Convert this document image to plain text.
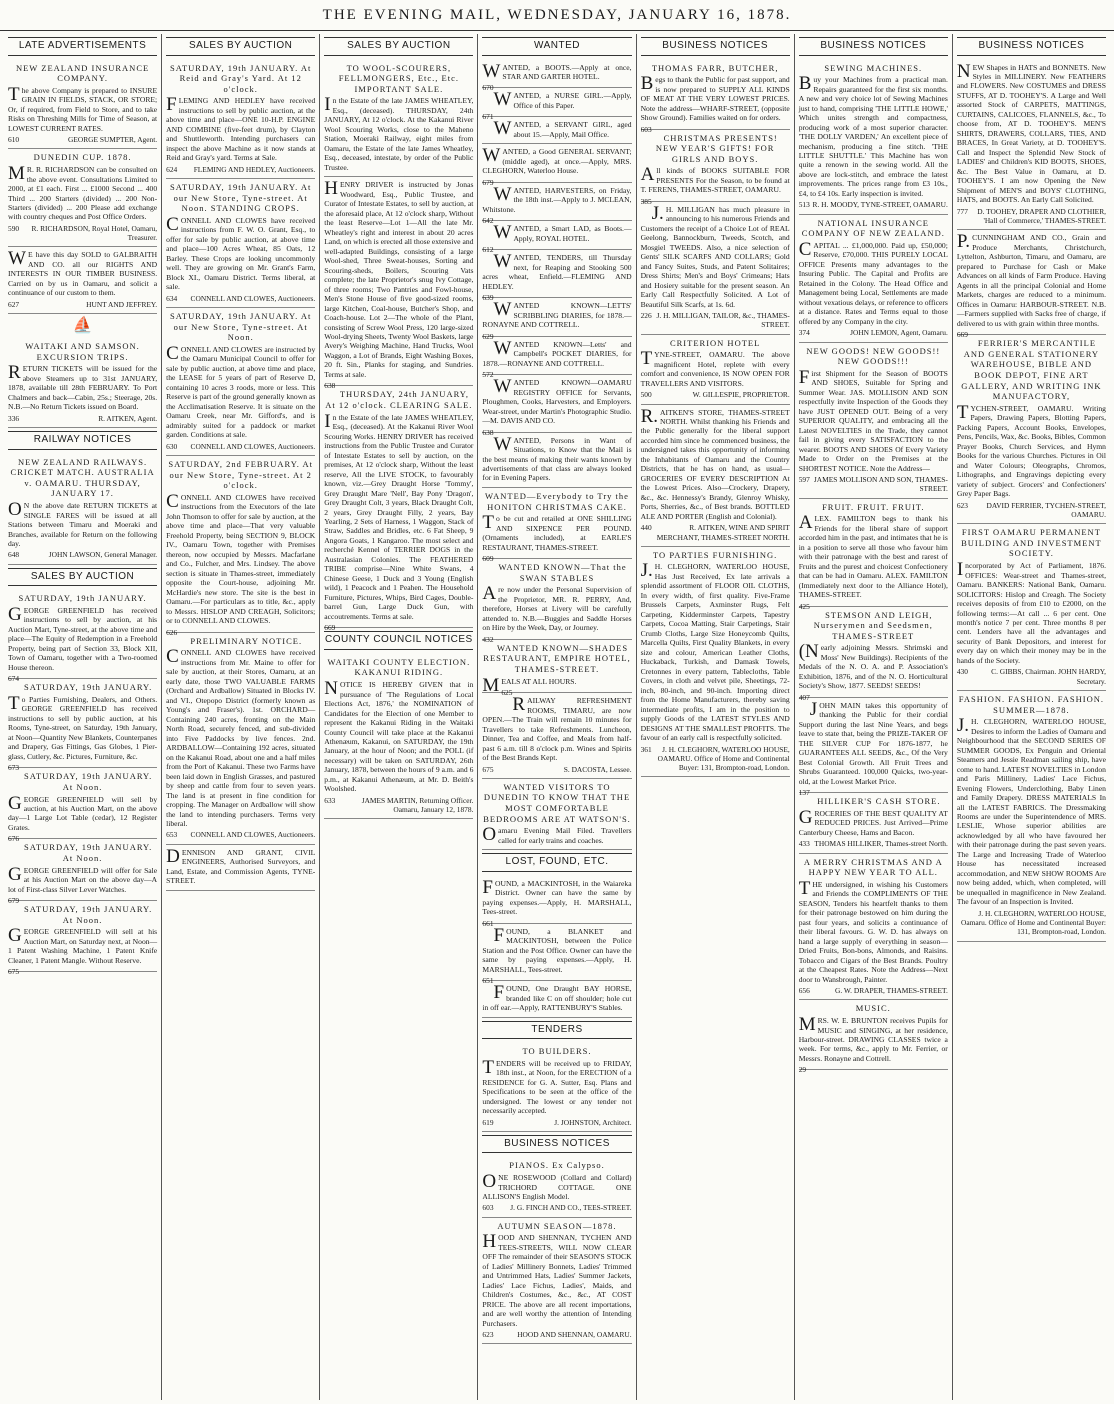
THE EVENING MAIL, WEDNESDAY, JANUARY 16, 1878.
LATE ADVERTISEMENTS
NEW ZEALAND INSURANCE COMPANY.
The above Company is prepared to INSURE GRAIN IN FIELDS, STACK, OR STORE; Or, if required, from Field to Store, and to take Risks on Threshing Mills for Time of Season, at LOWEST CURRENT RATES.
610	GEORGE SUMPTER, Agent.
DUNEDIN CUP. 1878.
MR. R. RICHARDSON can be consulted on the above event. Consultations Limited to 2000, at £1 each. First ... £1000 Second ... 400 Third ... 200 Starters (divided) ... 200 Non-Starters (divided) ... 200 Please add exchange with country cheques and Post Office Orders.
590 R. RICHARDSON, Royal Hotel, Oamaru, Treasurer.
WE have this day SOLD to GALBRAITH AND CO. all our RIGHTS AND INTERESTS IN OUR TIMBER BUSINESS. Carried on by us in Oamaru, and solicit a continuance of our custom to them.
627	HUNT AND JEFFREY.
⛵
WAITAKI AND SAMSON. EXCURSION TRIPS.
RETURN TICKETS will be issued for the above Steamers up to 31st JANUARY, 1878, available till 28th FEBRUARY. To Port Chalmers and back—Cabin, 25s.; Steerage, 20s. N.B.—No Return Tickets issued on Board.
336	R. AITKEN, Agent.
RAILWAY NOTICES
NEW ZEALAND RAILWAYS. CRICKET MATCH. AUSTRALIA v. OAMARU. THURSDAY, JANUARY 17.
ON the above date RETURN TICKETS at SINGLE FARES will be issued at all Stations between Timaru and Moeraki and Branches, available for Return on the following day.
648	JOHN LAWSON, General Manager.
SALES BY AUCTION
SATURDAY, 19th JANUARY.
GEORGE GREENFIELD has received instructions to sell by auction, at his Auction Mart, Tyne-street, at the above time and place—The Equity of Redemption in a Freehold Property, being part of Section 33, Block XII, Town of Oamaru, together with a Two-roomed House thereon.
674
SATURDAY, 19th JANUARY.
To Parties Furnishing, Dealers, and Others. GEORGE GREENFIELD has received instructions to sell by public auction, at his Rooms, Tyne-street, on Saturday, 19th January, at Noon—Quantity New Blankets, Counterpanes and Drapery, Gas Fittings, Gas Globes, 1 Pier-glass, Cutlery, &c. Pictures, Furniture, &c.
673
SATURDAY, 19th JANUARY. At Noon.
GEORGE GREENFIELD will sell by auction, at his Auction Mart, on the above day—1 Large Lot Table (cedar), 12 Register Grates.
676
SATURDAY, 19th JANUARY. At Noon.
GEORGE GREENFIELD will offer for Sale at his Auction Mart on the above day—A lot of First-class Silver Lever Watches.
679
SATURDAY, 19th JANUARY. At Noon.
GEORGE GREENFIELD will sell at his Auction Mart, on Saturday next, at Noon—1 Patent Washing Machine, 1 Patent Knife Cleaner, 1 Patent Mangle. Without Reserve.
675
SALES BY AUCTION
SATURDAY, 19th JANUARY. At Reid and Gray's Yard. At 12 o'clock.
FLEMING AND HEDLEY have received instructions to sell by public auction, at the above time and place—ONE 10-H.P. ENGINE AND COMBINE (five-feet drum), by Clayton and Shuttleworth. Intending purchasers can inspect the above Machine as it now stands at Reid and Gray's yard. Terms at Sale.
624 FLEMING AND HEDLEY, Auctioneers.
SATURDAY, 19th JANUARY. At our New Store, Tyne-street. At Noon. STANDING CROPS.
CONNELL AND CLOWES have received instructions from F. W. O. Grant, Esq., to offer for sale by public auction, at above time and place—100 Acres Wheat, 85 Oats, 12 Barley. These Crops are looking uncommonly well. They are growing on Mr. Grant's Farm, Block XI., Oamaru District. Terms liberal, at sale.
634 CONNELL AND CLOWES, Auctioneers.
SATURDAY, 19th JANUARY. At our New Store, Tyne-street. At Noon.
CONNELL AND CLOWES are instructed by the Oamaru Municipal Council to offer for sale by public auction, at above time and place, the LEASE for 5 years of part of Reserve D, containing 10 acres 3 roods, more or less. This Reserve is part of the ground generally known as the Acclimatisation Reserve. It is situate on the Oamaru Creek, near Mr. Gifford's, and is admirably suited for a paddock or market garden. Conditions at sale.
630 CONNELL AND CLOWES, Auctioneers.
SATURDAY, 2nd FEBRUARY. At our New Store, Tyne-street. At 2 o'clock.
CONNELL AND CLOWES have received instructions from the Executors of the late John Thomson to offer for sale by auction, at the above time and place—That very valuable Freehold Property, being SECTION 9, BLOCK IV., Oamaru Town, together with Premises thereon, now occupied by Messrs. Macfarlane and Co., Fulcher, and Mrs. Lindsey. The above section is situate in Thames-street, immediately opposite the Court-house, adjoining Mr. McHardie's new store. The site is the best in Oamaru.—For particulars as to title, &c., apply to Messrs. HISLOP AND CREAGH, Solicitors; or to CONNELL AND CLOWES.
626
PRELIMINARY NOTICE.
CONNELL AND CLOWES have received instructions from Mr. Maine to offer for sale by auction, at their Stores, Oamaru, at an early date, those TWO VALUABLE FARMS (Orchard and Ardballow) Situated in Blocks IV. and VI., Otepopo District (formerly known as Young's and Fraser's). 1st. ORCHARD—Containing 240 acres, fronting on the Main North Road, securely fenced, and sub-divided into Five Paddocks by live fences. 2nd. ARDBALLOW—Containing 192 acres, situated on the Kakanui Road, about one and a half miles from the Port of Kakanui. These two Farms have been laid down in English Grasses, and pastured by sheep and cattle from four to seven years. The land is at present in fine condition for cropping. The Manager on Ardballow will show the land to intending purchasers. Terms very liberal.
653 CONNELL AND CLOWES, Auctioneers.
DENNISON AND GRANT, CIVIL ENGINEERS, Authorised Surveyors, and Land, Estate, and Commission Agents, TYNE-STREET.
SALES BY AUCTION
TO WOOL-SCOURERS, FELLMONGERS, Etc., Etc. IMPORTANT SALE.
In the Estate of the late JAMES WHEATLEY, Esq., (deceased). THURSDAY, 24th JANUARY, At 12 o'clock. At the Kakanui River Wool Scouring Works, close to the Maheno Station, Moeraki Railway, eight miles from Oamaru, the Estate of the late James Wheatley, Esq., deceased, intestate, by order of the Public Trustee.
HENRY DRIVER is instructed by Jonas Woodward, Esq., Public Trustee, and Curator of Intestate Estates, to sell by auction, at the aforesaid place, At 12 o'clock sharp, Without the least Reserve—Lot 1—All the late Mr. Wheatley's right and interest in about 20 acres Land, on which is erected all those extensive and well-adapted Buildings, consisting of a large Wool-shed, Three Sweat-houses, Sorting and Scouring-sheds, Boilers, Scouring Vats complete; the late Proprietor's snug Ivy Cottage, of three rooms; Two Pantries and Fowl-house, Men's Stone House of five good-sized rooms, large Kitchen, Coal-house, Butcher's Shop, and Coach-house. Lot 2—The whole of the Plant, consisting of Screw Wool Press, 120 large-sized Wool-drying Sheets, Twenty Wool Baskets, large Avery's Weighing Machine, Hand Trucks, Wool Waggon, a Lot of Brands, Eight Washing Boxes, 20 ft. Sin., Planks for staging, and Sundries. Terms at sale.
638
THURSDAY, 24th JANUARY, At 12 o'clock. CLEARING SALE.
In the Estate of the late JAMES WHEATLEY, Esq., (deceased). At the Kakanui River Wool Scouring Works. HENRY DRIVER has received instructions from the Public Trustee and Curator of Intestate Estates to sell by auction, on the premises, At 12 o'clock sharp, Without the least reserve, All the LIVE STOCK, to favourably known, viz.—Grey Draught Horse 'Tommy', Grey Draught Mare 'Nell', Bay Pony 'Dragon', Grey Draught Colt, 3 years, Black Draught Colt, 2 years, Grey Draught Filly, 2 years, Bay Yearling, 2 Sets of Harness, 1 Waggon, Stack of Straw, Saddles and Bridles, etc. 6 Fat Sheep, 9 Angora Goats, 1 Kangaroo. The most select and recherché Kennel of TERRIER DOGS in the Australasian Colonies. The FEATHERED TRIBE comprise—Nine White Swans, 4 Chinese Geese, 1 Duck and 3 Young (English wild), 1 Peacock and 1 Peahen. The Household Furniture, Pictures, Whips, Bird Cages, Double-barrel Gun, Large Duck Gun, with accoutrements. Terms at sale.
669
COUNTY COUNCIL NOTICES
WAITAKI COUNTY ELECTION. KAKANUI RIDING.
NOTICE IS HEREBY GIVEN that in pursuance of 'The Regulations of Local Elections Act, 1876,' the NOMINATION of Candidates for the Election of one Member to represent the Kakanui Riding in the Waitaki County Council will take place at the Kakanui Athenæum, Kakanui, on SATURDAY, the 19th January, at the hour of Noon; and the POLL (if necessary) will be taken on SATURDAY, 26th January, 1878, between the hours of 9 a.m. and 6 p.m., at Kakanui Athenæum, at Mr. D. Beith's Woolshed.
633	JAMES MARTIN, Returning Officer. Oamaru, January 12, 1878.
WANTED
WANTED, a BOOTS.—Apply at once, STAR AND GARTER HOTEL.
670
WANTED, a NURSE GIRL.—Apply, Office of this Paper.
671
WANTED, a SERVANT GIRL, aged about 15.—Apply, Mail Office.
WANTED, a Good GENERAL SERVANT; (middle aged), at once.—Apply, MRS. CLEGHORN, Waterloo House.
679
WANTED, HARVESTERS, on Friday, the 18th inst.—Apply to J. MCLEAN, Whitstone.
642
WANTED, a Smart LAD, as Boots.—Apply, ROYAL HOTEL.
612
WANTED, TENDERS, till Thursday next, for Reaping and Stooking 500 acres wheat, Enfield.—FLEMING AND HEDLEY.
639
WANTED KNOWN—LETTS' SCRIBBLING DIARIES, for 1878.—RONAYNE AND COTTRELL.
629
WANTED KNOWN—Letts' and Campbell's POCKET DIARIES, for 1878.—RONAYNE AND COTTRELL.
572
WANTED KNOWN—OAMARU REGISTRY OFFICE for Servants, Ploughmen, Cooks, Harvesters, and Employers. Wear-street, under Martin's Photographic Studio.—M. DAVIS AND CO.
638
WANTED, Persons in Want of Situations, to Know that the Mail is the best means of making their wants known by advertisements of that class are always looked for in Evening Papers.
WANTED—Everybody to Try the HONITON CHRISTMAS CAKE.
To be cut and retailed at ONE SHILLING AND SIXPENCE PER POUND. (Ornaments included), at EARLE'S RESTAURANT, THAMES-STREET.
609
WANTED KNOWN—That the SWAN STABLES
Are now under the Personal Supervision of the Proprietor, MR. R. PERRY, And, therefore, Horses at Livery will be carefully attended to. N.B.—Buggies and Saddle Horses on Hire by the Week, Day, or Journey.
432
WANTED KNOWN—SHADES RESTAURANT, EMPIRE HOTEL, THAMES-STREET.
MEALS AT ALL HOURS.
625
RAILWAY REFRESHMENT ROOMS, TIMARU, are now OPEN.—The Train will remain 10 minutes for Travellers to take Refreshments. Luncheon, Dinner, Tea and Coffee, and Meals from half-past 6 a.m. till 8 o'clock p.m. Wines and Spirits of the Best Brands Kept.
675	S. DACOSTA, Lessee.
WANTED VISITORS TO DUNEDIN TO KNOW THAT THE MOST COMFORTABLE BEDROOMS ARE AT WATSON'S.
Oamaru Evening Mail Filed. Travellers called for early trains and coaches.
LOST, FOUND, ETC.
FOUND, a MACKINTOSH, in the Waiareka District. Owner can have the same by paying expenses.—Apply, H. MARSHALL, Tees-street.
661
FOUND, a BLANKET and MACKINTOSH, between the Police Station and the Post Office. Owner can have the same by paying expenses.—Apply, H. MARSHALL, Tees-street.
651
FOUND, One Draught BAY HORSE, branded like C on off shoulder; hole cut in off ear.—Apply, RATTENBURY'S Stables.
TENDERS
TO BUILDERS.
TENDERS will be received up to FRIDAY, 18th inst., at Noon, for the ERECTION of a RESIDENCE for G. A. Sutter, Esq. Plans and Specifications to be seen at the office of the undersigned. The lowest or any tender not necessarily accepted.
619	J. JOHNSTON, Architect.
BUSINESS NOTICES
PIANOS. Ex Calypso.
ONE ROSEWOOD (Collard and Collard) TRICHORD COTTAGE. ONE ALLISON'S English Model.
603 J. G. FINCH AND CO., TEES-STREET.
AUTUMN SEASON—1878.
HOOD AND SHENNAN, TYCHEN AND TEES-STREETS, WILL NOW CLEAR OFF The remainder of their SEASON'S STOCK of Ladies' Millinery Bonnets, Ladies' Trimmed and Untrimmed Hats, Ladies' Summer Jackets, Ladies' Lace Fichus, Ladies', Maids, and Children's Costumes, &c., &c., AT COST PRICE. The above are all recent importations, and are well worthy the attention of Intending Purchasers.
623	HOOD AND SHENNAN, OAMARU.
BUSINESS NOTICES
THOMAS FARR, BUTCHER,
Begs to thank the Public for past support, and is now prepared to SUPPLY ALL KINDS OF MEAT AT THE VERY LOWEST PRICES. Note the address—WHARF-STREET, (opposite Show Ground). Families waited on for orders.
603
CHRISTMAS PRESENTS! NEW YEAR'S GIFTS! FOR GIRLS AND BOYS.
All kinds of BOOKS SUITABLE FOR PRESENTS For the Season, to be found at T. FERENS, THAMES-STREET, OAMARU.
385
J.H. MILLIGAN has much pleasure in announcing to his numerous Friends and Customers the receipt of a Choice Lot of REAL Geelong, Bannockburn, Tweeds, Scotch, and Mosgiel TWEEDS. Also, a nice selection of Gents' SILK SCARFS AND COLLARS; Gold and Fancy Suites, Studs, and Patent Solitaires; Dress Shirts; Men's and Boys' Crimeans; Hats and Hosiery suitable for the present season. An Early Call Respectfully Solicited. A Lot of Beautiful Silk Scarfs, at 1s. 6d.
226 J. H. MILLIGAN, TAILOR, &c., THAMES-STREET.
CRITERION HOTEL
TYNE-STREET, OAMARU. The above magnificent Hotel, replete with every comfort and convenience, IS NOW OPEN FOR TRAVELLERS AND VISITORS.
500	W. GILLESPIE, PROPRIETOR.
R.AITKEN'S STORE, THAMES-STREET NORTH. Whilst thanking his Friends and the Public generally for the liberal support accorded him since he commenced business, the undersigned takes this opportunity of informing the Inhabitants of Oamaru and the Country Districts, that he has on hand, as usual—GROCERIES OF EVERY DESCRIPTION At the Lowest Prices. Also—Crockery, Drapery, &c., &c. Hennessy's Brandy, Glenroy Whisky, Ports, Sherries, &c., of Best brands. BOTTLED ALE AND PORTER (English and Colonial).
440	R. AITKEN, WINE AND SPIRIT MERCHANT, THAMES-STREET NORTH.
TO PARTIES FURNISHING.
J.H. CLEGHORN, WATERLOO HOUSE, Has Just Received, Ex late arrivals a splendid assortment of FLOOR OIL CLOTHS, In every width, of first quality. Five-Frame Brussels Carpets, Axminster Rugs, Felt Carpeting, Kidderminster Carpets, Tapestry Carpets, Cocoa Matting, Stair Carpetings, Stair Crumb Cloths, Large Size Honeycomb Quilts, Marcella Quilts, First Quality Blankets, in every size and colour, American Leather Cloths, Huckaback, Turkish, and Damask Towels, Cretonnes in every pattern, Tablecloths, Table Covers, in cloth and velvet pile, Sheetings, 72-inch, 80-inch, and 90-inch. Importing direct from the Home Manufacturers, thereby saving intermediate profits, I am in the position to supply Goods of the LATEST STYLES AND DESIGNS AT THE SMALLEST PROFITS. The favour of an early call is respectfully solicited.
361 J. H. CLEGHORN, WATERLOO HOUSE, OAMARU. Office of Home and Continental Buyer: 131, Brompton-road, London.
BUSINESS NOTICES
SEWING MACHINES.
Buy your Machines from a practical man. Repairs guaranteed for the first six months. A new and very choice lot of Sewing Machines just to hand, comprising 'THE LITTLE HOWE,' Which unites strength and compactness, producing work of a most superior character. 'THE DOLLY VARDEN,' An excellent piece of mechanism, producing a fine stitch. 'THE LITTLE SHUTTLE.' This Machine has won quite a renown in the sewing world. All the above are lock-stitch, and embrace the latest improvements. The prices range from £3 10s., £4, to £4 10s. Early inspection is invited.
513 R. H. MOODY, TYNE-STREET, OAMARU.
NATIONAL INSURANCE COMPANY OF NEW ZEALAND.
CAPITAL ... £1,000,000. Paid up, £50,000; Reserve, £70,000. THIS PURELY LOCAL OFFICE Presents many advantages to the Insuring Public. The Capital and Profits are Retained in the Colony. The Head Office and Management being Local, Settlements are made without vexatious delays, or reference to officers at a distance. Rates and Terms equal to those offered by any Company in the city.
374	JOHN LEMON, Agent, Oamaru.
NEW GOODS! NEW GOODS!! NEW GOODS!!!
First Shipment for the Season of BOOTS AND SHOES, Suitable for Spring and Summer Wear. JAS. MOLLISON AND SON respectfully invite Inspection of the Goods they have JUST OPENED OUT. Being of a very SUPERIOR QUALITY, and embracing all the Latest NOVELTIES in the Trade, they cannot fail in giving every SATISFACTION to the wearer. BOOTS AND SHOES Of Every Variety Made to Order on the Premises at the SHORTEST NOTICE. Note the Address—
597 JAMES MOLLISON AND SON, THAMES-STREET.
FRUIT. FRUIT. FRUIT.
ALEX. FAMILTON begs to thank his Friends for the liberal share of support accorded him in the past, and intimates that he is in a position to serve all those who favour him with their patronage with the best and rarest of Fruits and the purest and choicest Confectionery that can be had in Oamaru. ALEX. FAMILTON (Immediately next door to the Alliance Hotel), THAMES-STREET.
425
STEMSON AND LEIGH, Nurserymen and Seedsmen, THAMES-STREET
(Nearly adjoining Messrs. Shrimski and Moss' New Buildings). Recipients of the Medals of the N. O. A. and P. Association's Exhibition, 1876, and of the N. O. Horticultural Society's Show, 1877. SEEDS! SEEDS!
407
JOHN MAIN takes this opportunity of thanking the Public for their cordial Support during the last Nine Years, and begs leave to state that, being the PRIZE-TAKER OF THE SILVER CUP For 1876-1877, he GUARANTEES ALL SEEDS, &c., Of the Very Best Colonial Growth. All Fruit Trees and Shrubs Guaranteed. 100,000 Quicks, two-year-old, at the Lowest Market Price.
137
HILLIKER'S CASH STORE.
GROCERIES OF THE BEST QUALITY AT REDUCED PRICES. Just Arrived—Prime Canterbury Cheese, Hams and Bacon.
433 THOMAS HILLIKER, Thames-street North.
A MERRY CHRISTMAS AND A HAPPY NEW YEAR TO ALL.
THE undersigned, in wishing his Customers and Friends the COMPLIMENTS OF THE SEASON, Tenders his heartfelt thanks to them for their patronage bestowed on him during the past four years, and solicits a continuance of their liberal favours. G. W. D. has always on hand a large supply of everything in season—Dried Fruits, Bon-bons, Almonds, and Raisins. Tobacco and Cigars of the Best Brands. Poultry at the Cheapest Rates. Note the Address—Next door to Wansbrough, Painter.
656	G. W. DRAPER, THAMES-STREET.
MUSIC.
MRS. W. E. BRUNTON receives Pupils for MUSIC and SINGING, at her residence, Harbour-street. DRAWING CLASSES twice a week. For terms, &c., apply to Mr. Ferrier, or Messrs. Ronayne and Cottrell.
29
BUSINESS NOTICES
NEW Shapes in HATS and BONNETS. New Styles in MILLINERY. New FEATHERS and FLOWERS. New COSTUMES and DRESS STUFFS, AT D. TOOHEY'S. A Large and Well assorted Stock of CARPETS, MATTINGS, CURTAINS, CALICOES, FLANNELS, &c., To choose from, AT D. TOOHEY'S. MEN'S SHIRTS, DRAWERS, COLLARS, TIES, AND BRACES, In Great Variety, at D. TOOHEY'S. Call and Inspect the Splendid New Stock of LADIES' and Children's KID BOOTS, SHOES, &c. The Best Value in Oamaru, at D. TOOHEY'S. I am now Opening the New Shipment of MEN'S and BOYS' CLOTHING, HATS, and BOOTS. An Early Call Solicited.
777 D. TOOHEY, DRAPER AND CLOTHIER, 'Hall of Commerce,' THAMES-STREET.
P.CUNNINGHAM AND CO., Grain and Produce Merchants, Christchurch, Lyttelton, Ashburton, Timaru, and Oamaru, are prepared to Purchase for Cash or Make Advances on all kinds of Farm Produce. Having Agents in all the principal Colonial and Home Markets, charges are reduced to a minimum. Offices in Oamaru: HARBOUR-STREET. N.B.—Farmers supplied with Sacks free of charge, if delivered to us with grain within three months.
669
FERRIER'S MERCANTILE AND GENERAL STATIONERY WAREHOUSE, BIBLE AND BOOK DEPOT, FINE ART GALLERY, AND WRITING INK MANUFACTORY,
TYCHEN-STREET, OAMARU. Writing Papers, Drawing Papers, Blotting Papers, Packing Papers, Account Books, Envelopes, Pens, Pencils, Wax, &c. Books, Bibles, Common Prayer Books, Church Services, and Hymn Books for the various Churches. Pictures in Oil and Water Colours; Oleographs, Chromos, Lithographs, and Engravings depicting every variety of subject. Grocers' and Confectioners' Grey Paper Bags.
623	DAVID FERRIER, TYCHEN-STREET, OAMARU.
FIRST OAMARU PERMANENT BUILDING AND INVESTMENT SOCIETY.
Incorporated by Act of Parliament, 1876. OFFICES: Wear-street and Thames-street, Oamaru. BANKERS: National Bank, Oamaru. SOLICITORS: Hislop and Creagh. The Society receives deposits of from £10 to £2000, on the following terms:—At call ... 6 per cent. One month's notice 7 per cent. Three months 8 per cent. Lenders have all the advantages and security of Bank Depositors, and interest for every day on which their money may be in the hands of the Society.
430	C. GIBBS, Chairman. JOHN HARDY, Secretary.
FASHION. FASHION. FASHION. SUMMER—1878.
J.H. CLEGHORN, WATERLOO HOUSE, Desires to inform the Ladies of Oamaru and Neighbourhood that the SECOND SERIES OF SUMMER GOODS, Ex Penguin and Oriental Steamers and Jessie Readman sailing ship, have come to hand. LATEST NOVELTIES in London and Paris Millinery, Ladies' Lace Fichus, Evening Flowers, Underclothing, Baby Linen and Family Drapery. DRESS MATERIALS In all the LATEST FABRICS. The Dressmaking Rooms are under the Superintendence of MRS. LESLIE, Whose superior abilities are acknowledged by all who have favoured her with their patronage during the past seven years. The Large and Increasing Trade of Waterloo House has necessitated increased accommodation, and NEW SHOW ROOMS Are now being added, which, when completed, will be unequalled in magnificence in New Zealand. The favour of an Inspection is Invited.
J. H. CLEGHORN, WATERLOO HOUSE, Oamaru. Office of Home and Continental Buyer: 131, Brompton-road, London.
